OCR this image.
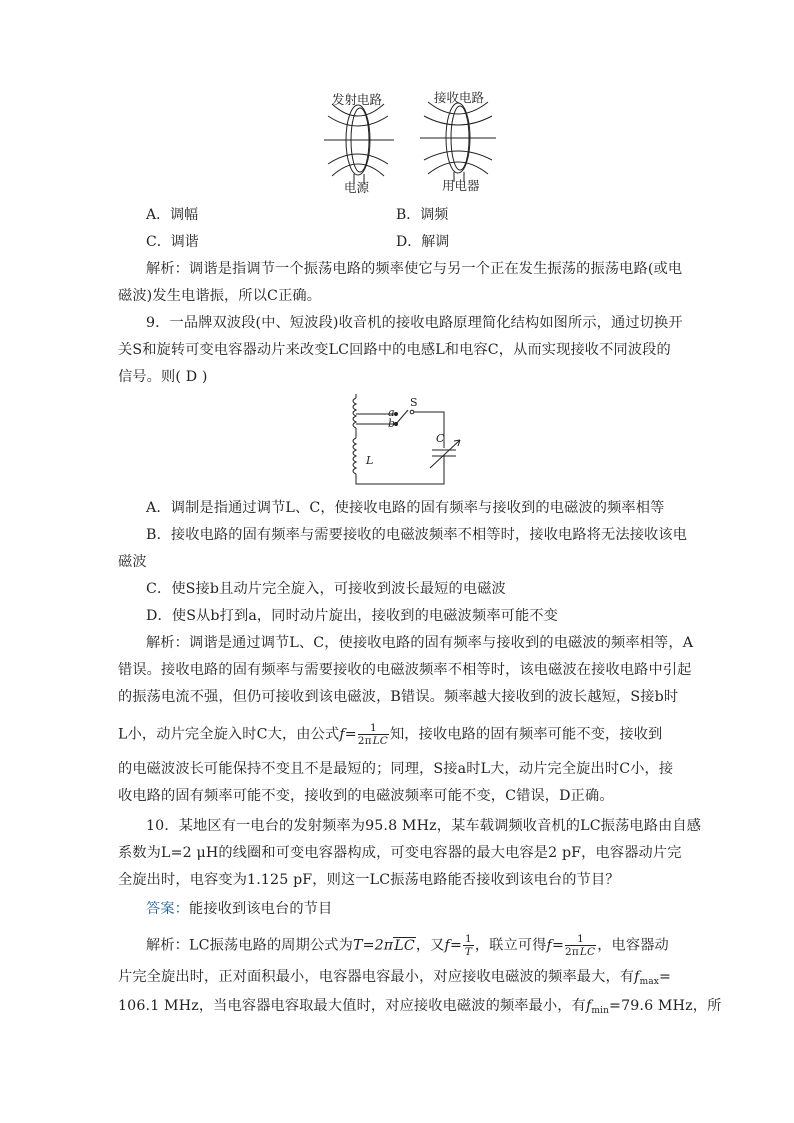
发射电路	接收电路
电源	用电器
A．调幅	B．调频
C．调谐	D．解调
解析：调谐是指调节一个振荡电路的频率使它与另一个正在发生振荡的振荡电路(或电
磁波)发生电谐振，所以C正确。
9．一品牌双波段(中、短波段)收音机的接收电路原理简化结构如图所示，通过切换开
关S和旋转可变电容器动片来改变LC回路中的电感L和电容C，从而实现接收不同波段的
信号。则( D )
a
b
S
C
L
A．调制是指通过调节L、C，使接收电路的固有频率与接收到的电磁波的频率相等
B．接收电路的固有频率与需要接收的电磁波频率不相等时，接收电路将无法接收该电
磁波
C．使S接b且动片完全旋入，可接收到波长最短的电磁波
D．使S从b打到a，同时动片旋出，接收到的电磁波频率可能不变
解析：调谐是通过调节L、C，使接收电路的固有频率与接收到的电磁波的频率相等，A
错误。接收电路的固有频率与需要接收的电磁波频率不相等时，该电磁波在接收电路中引起
的振荡电流不强，但仍可接收到该电磁波，B错误。频率越大接收到的波长越短，S接b时
L小，动片完全旋入时C大，由公式$f= \frac{1}{\text{2πLC}}$ 知，接收电路的固有频率可能不变，接收到
的电磁波波长可能保持不变且不是最短的；同理，S接a时L大，动片完全旋出时C小，接
收电路的固有频率可能不变，接收到的电磁波频率可能不变，C错误，D正确。
10．某地区有一电台的发射频率为95.8 MHz，某车载调频收音机的LC振荡电路由自感
系数为L=2 μH的线圈和可变电容器构成，可变电容器的最大电容是2 pF，电容器动片完
全旋出时，电容变为1.125 pF，则这一LC振荡电路能否接收到该电台的节目？
答案：能接收到该电台的节目
解析：LC振荡电路的周期公式为T=2πLC，又$f= \frac{1}{T}$ ，联立可得$f= \frac{1}{\text{2πLC}}$ ，电容器动
片完全旋出时，正对面积最小，电容器电容最小，对应接收电磁波的频率最大，有$f_{max}=$
106.1 MHz，当电容器电容取最大值时，对应接收电磁波的频率最小，有$f_{min}=79.6$ MHz，所
